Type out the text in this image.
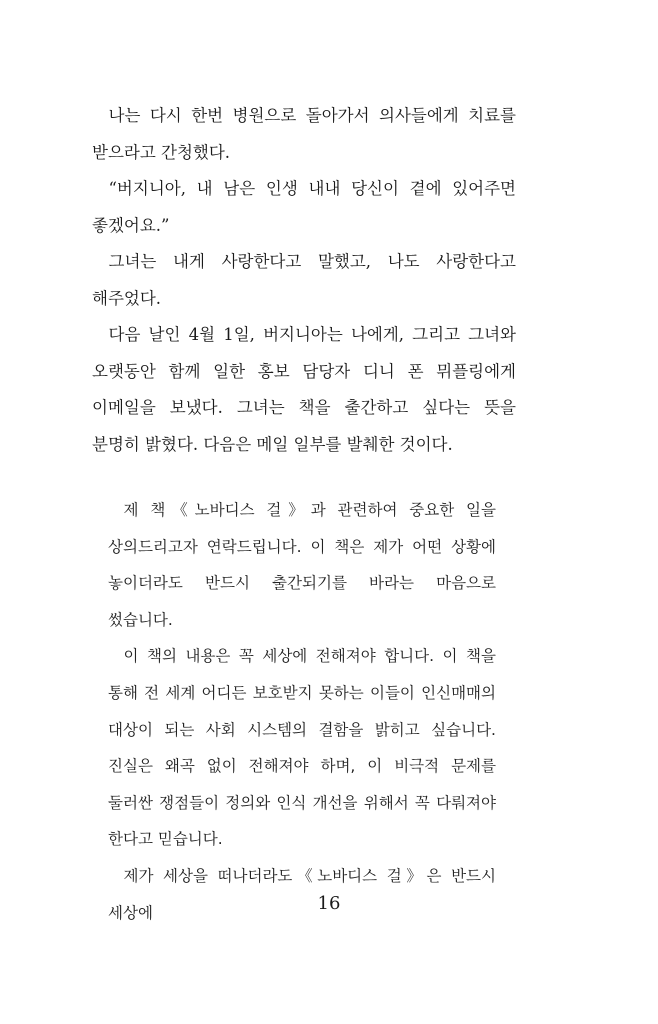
나는 다시 한번 병원으로 돌아가서 의사들에게 치료를 받으라고 간청했다.

“버지니아, 내 남은 인생 내내 당신이 곁에 있어주면 좋겠어요.”

그녀는 내게 사랑한다고 말했고, 나도 사랑한다고 해주었다.

다음 날인 4월 1일, 버지니아는 나에게, 그리고 그녀와 오랫동안 함께 일한 홍보 담당자 디니 폰 뮈플링에게 이메일을 보냈다. 그녀는 책을 출간하고 싶다는 뜻을 분명히 밝혔다. 다음은 메일 일부를 발췌한 것이다.

제 책《노바디스 걸》과 관련하여 중요한 일을 상의드리고자 연락드립니다. 이 책은 제가 어떤 상황에 놓이더라도 반드시 출간되기를 바라는 마음으로 썼습니다.

이 책의 내용은 꼭 세상에 전해져야 합니다. 이 책을 통해 전 세계 어디든 보호받지 못하는 이들이 인신매매의 대상이 되는 사회 시스템의 결함을 밝히고 싶습니다. 진실은 왜곡 없이 전해져야 하며, 이 비극적 문제를 둘러싼 쟁점들이 정의와 인식 개선을 위해서 꼭 다뤄져야 한다고 믿습니다.

제가 세상을 떠나더라도《노바디스 걸》은 반드시 세상에	16
